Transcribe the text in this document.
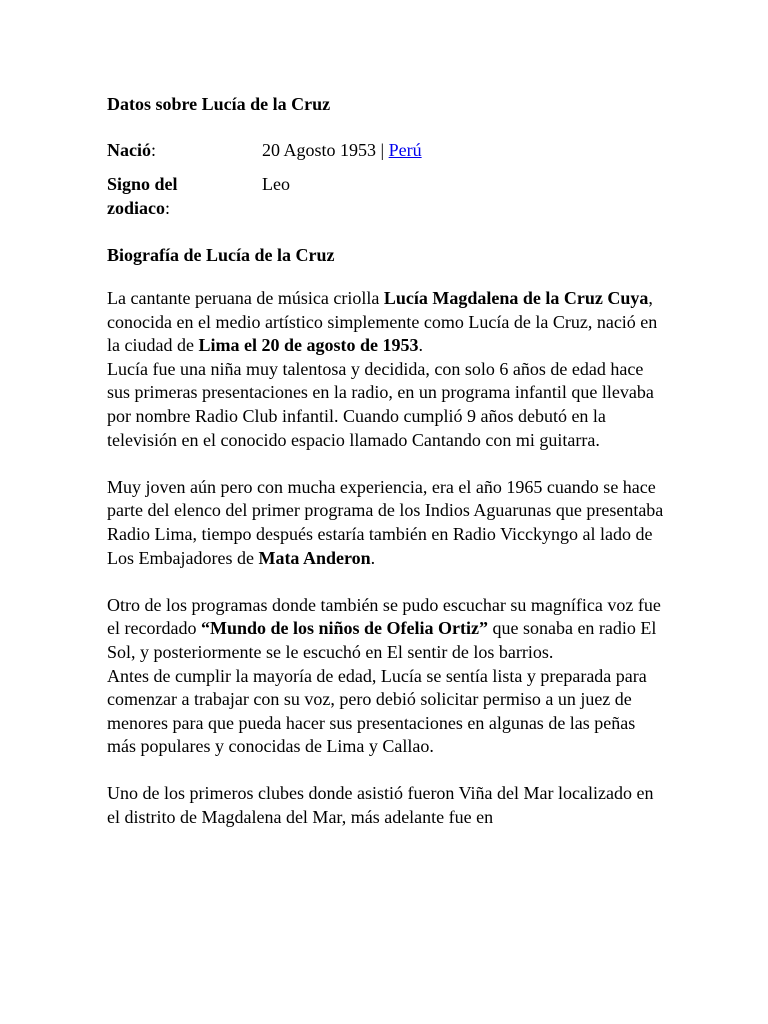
Datos sobre Lucía de la Cruz
Nació:	20 Agosto 1953 | Perú
Signo del
zodiaco:	Leo
Biografía de Lucía de la Cruz

La cantante peruana de música criolla Lucía Magdalena de la Cruz Cuya, conocida en el medio artístico simplemente como Lucía de la Cruz, nació en la ciudad de Lima el 20 de agosto de 1953.

Lucía fue una niña muy talentosa y decidida, con solo 6 años de edad hace sus primeras presentaciones en la radio, en un programa infantil que llevaba por nombre Radio Club infantil. Cuando cumplió 9 años debutó en la televisión en el conocido espacio llamado Cantando con mi guitarra.

Muy joven aún pero con mucha experiencia, era el año 1965 cuando se hace parte del elenco del primer programa de los Indios Aguarunas que presentaba Radio Lima, tiempo después estaría también en Radio Vicckyngo al lado de Los Embajadores de Mata Anderon.

Otro de los programas donde también se pudo escuchar su magnífica voz fue el recordado “Mundo de los niños de Ofelia Ortiz” que sonaba en radio El Sol, y posteriormente se le escuchó en El sentir de los barrios.

Antes de cumplir la mayoría de edad, Lucía se sentía lista y preparada para comenzar a trabajar con su voz, pero debió solicitar permiso a un juez de menores para que pueda hacer sus presentaciones en algunas de las peñas más populares y conocidas de Lima y Callao.

Uno de los primeros clubes donde asistió fueron Viña del Mar localizado en el distrito de Magdalena del Mar, más adelante fue en
